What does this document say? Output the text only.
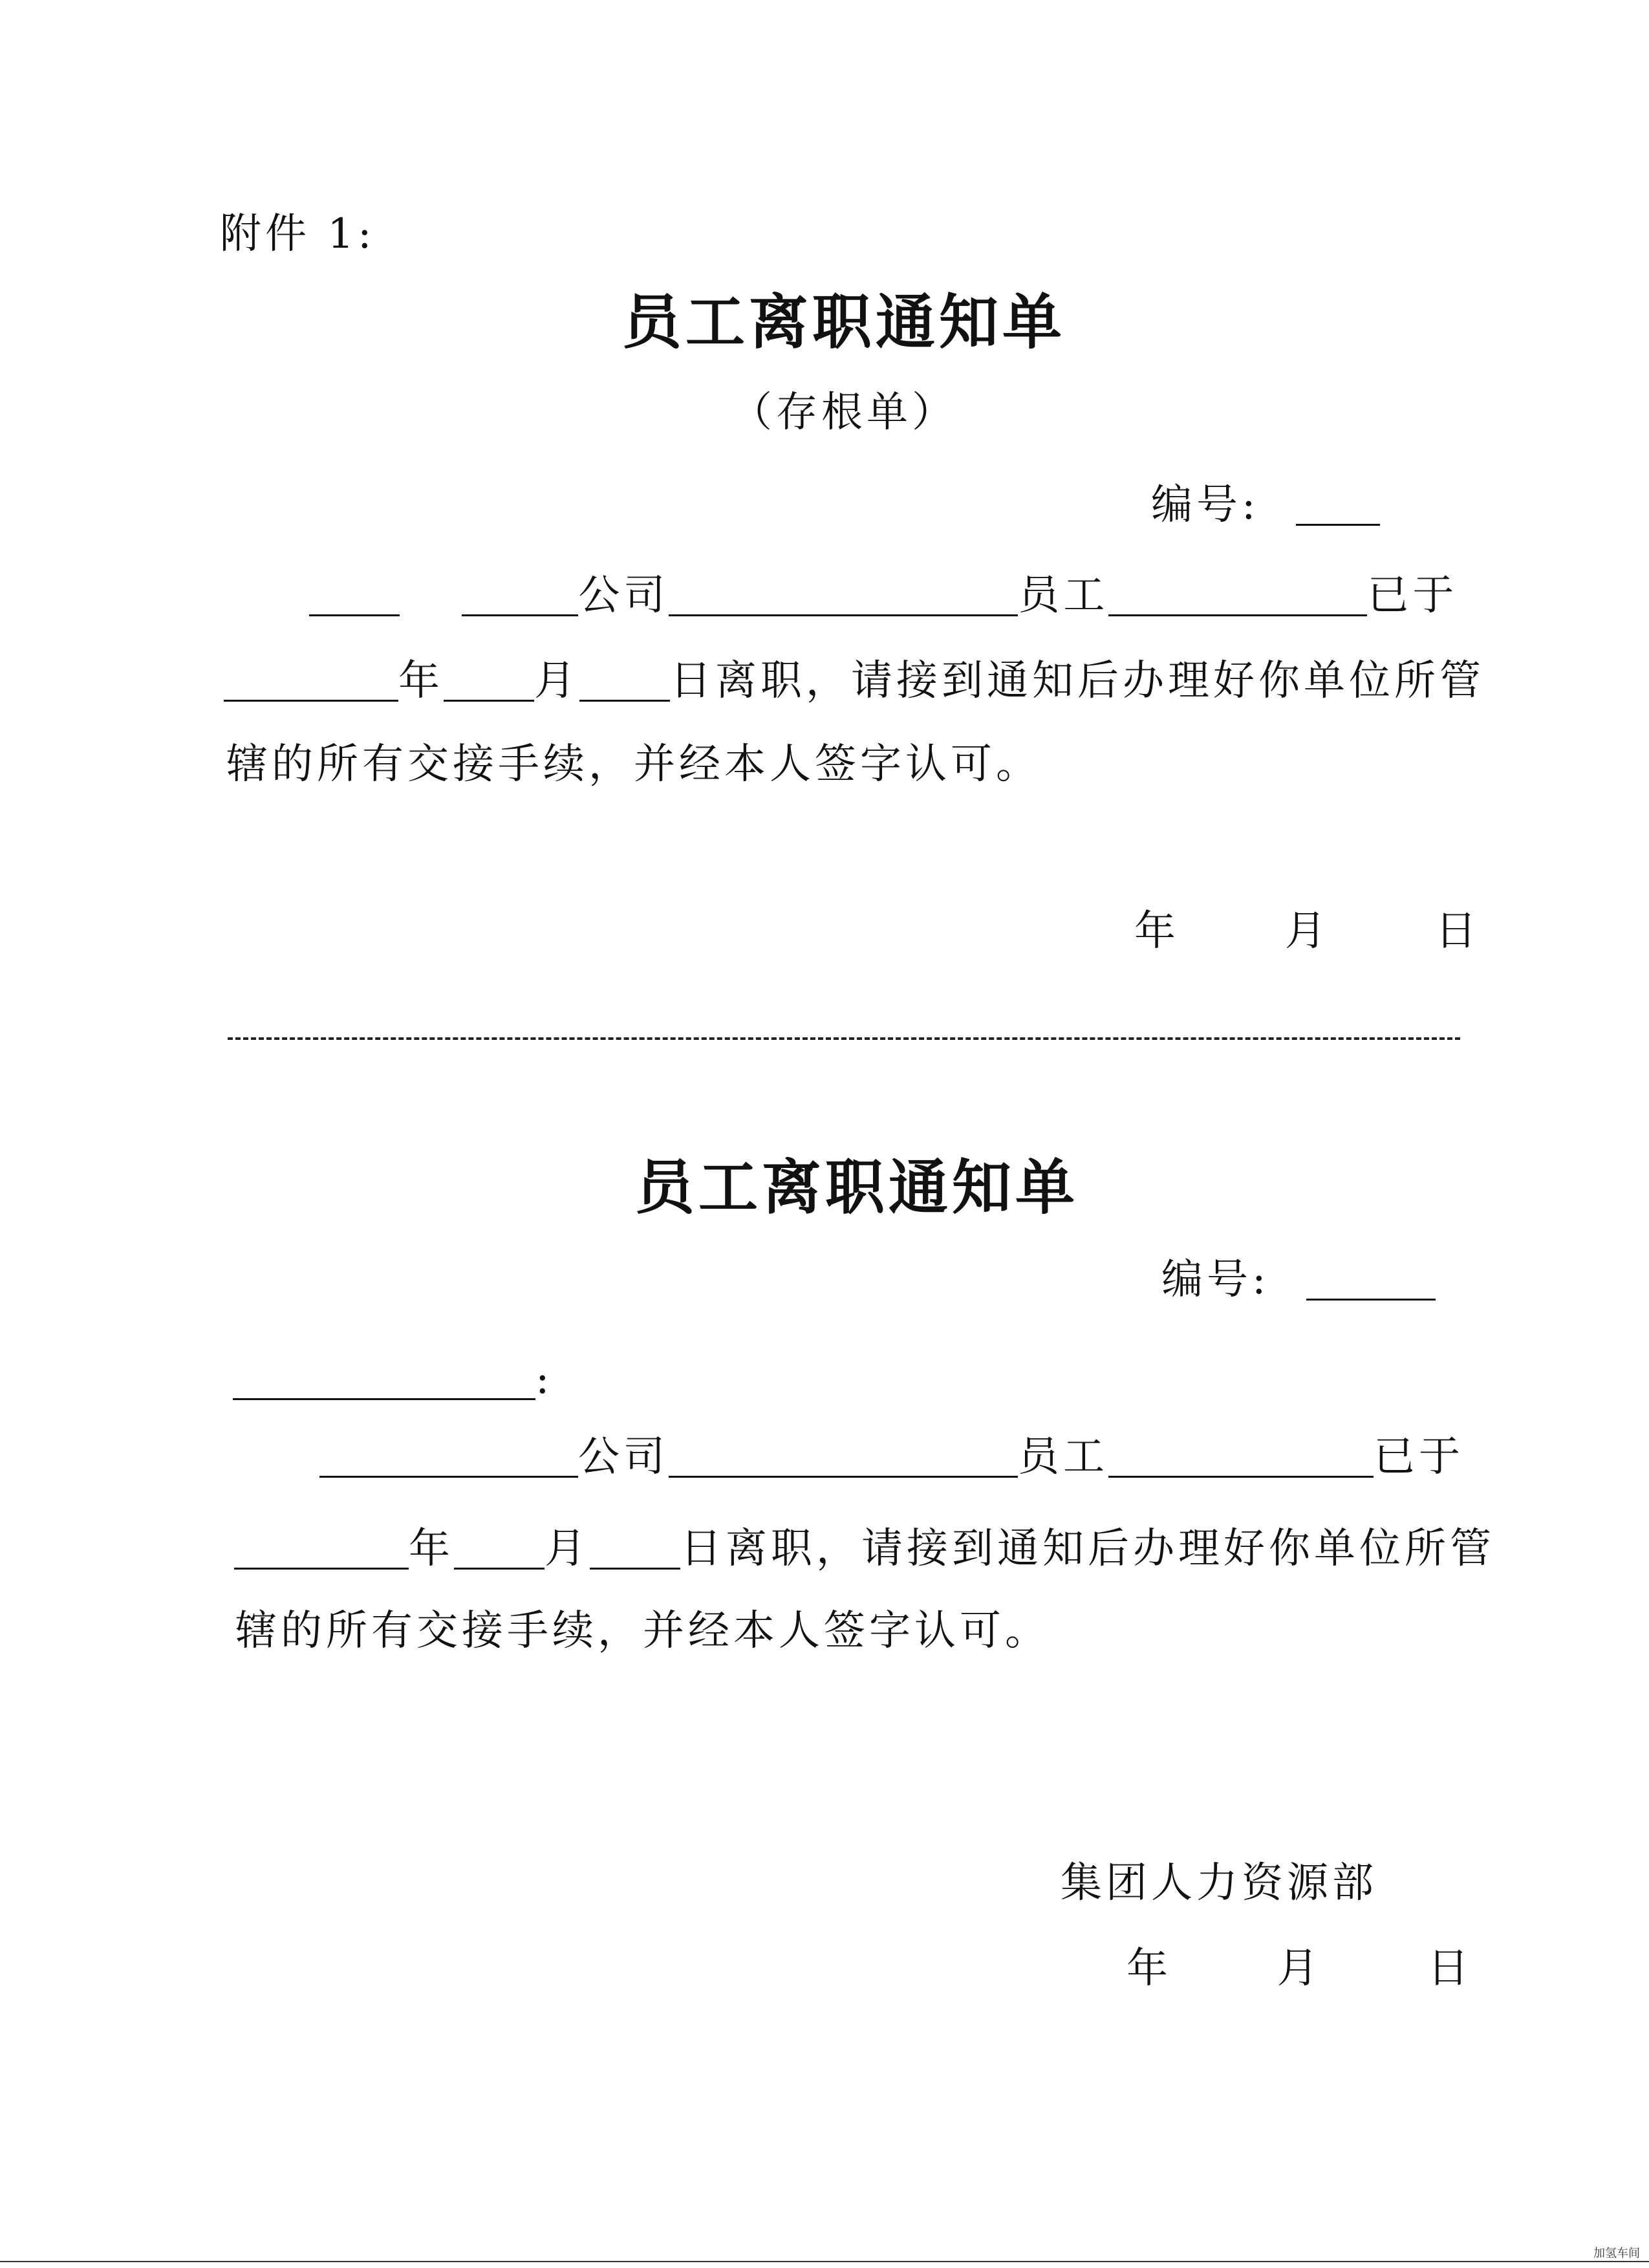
附件 1:
员工离职通知单
（存根单）
编号:
公司	员工	已于
年 月 日离职，请接到通知后办理好你单位所管
辖的所有交接手续，并经本人签字认可。
年	月	日
员工离职通知单
编号:
:
公司	员工	已于
年 月 日离职，请接到通知后办理好你单位所管
辖的所有交接手续，并经本人签字认可。
集团人力资源部
年	月	日
加氢车间
